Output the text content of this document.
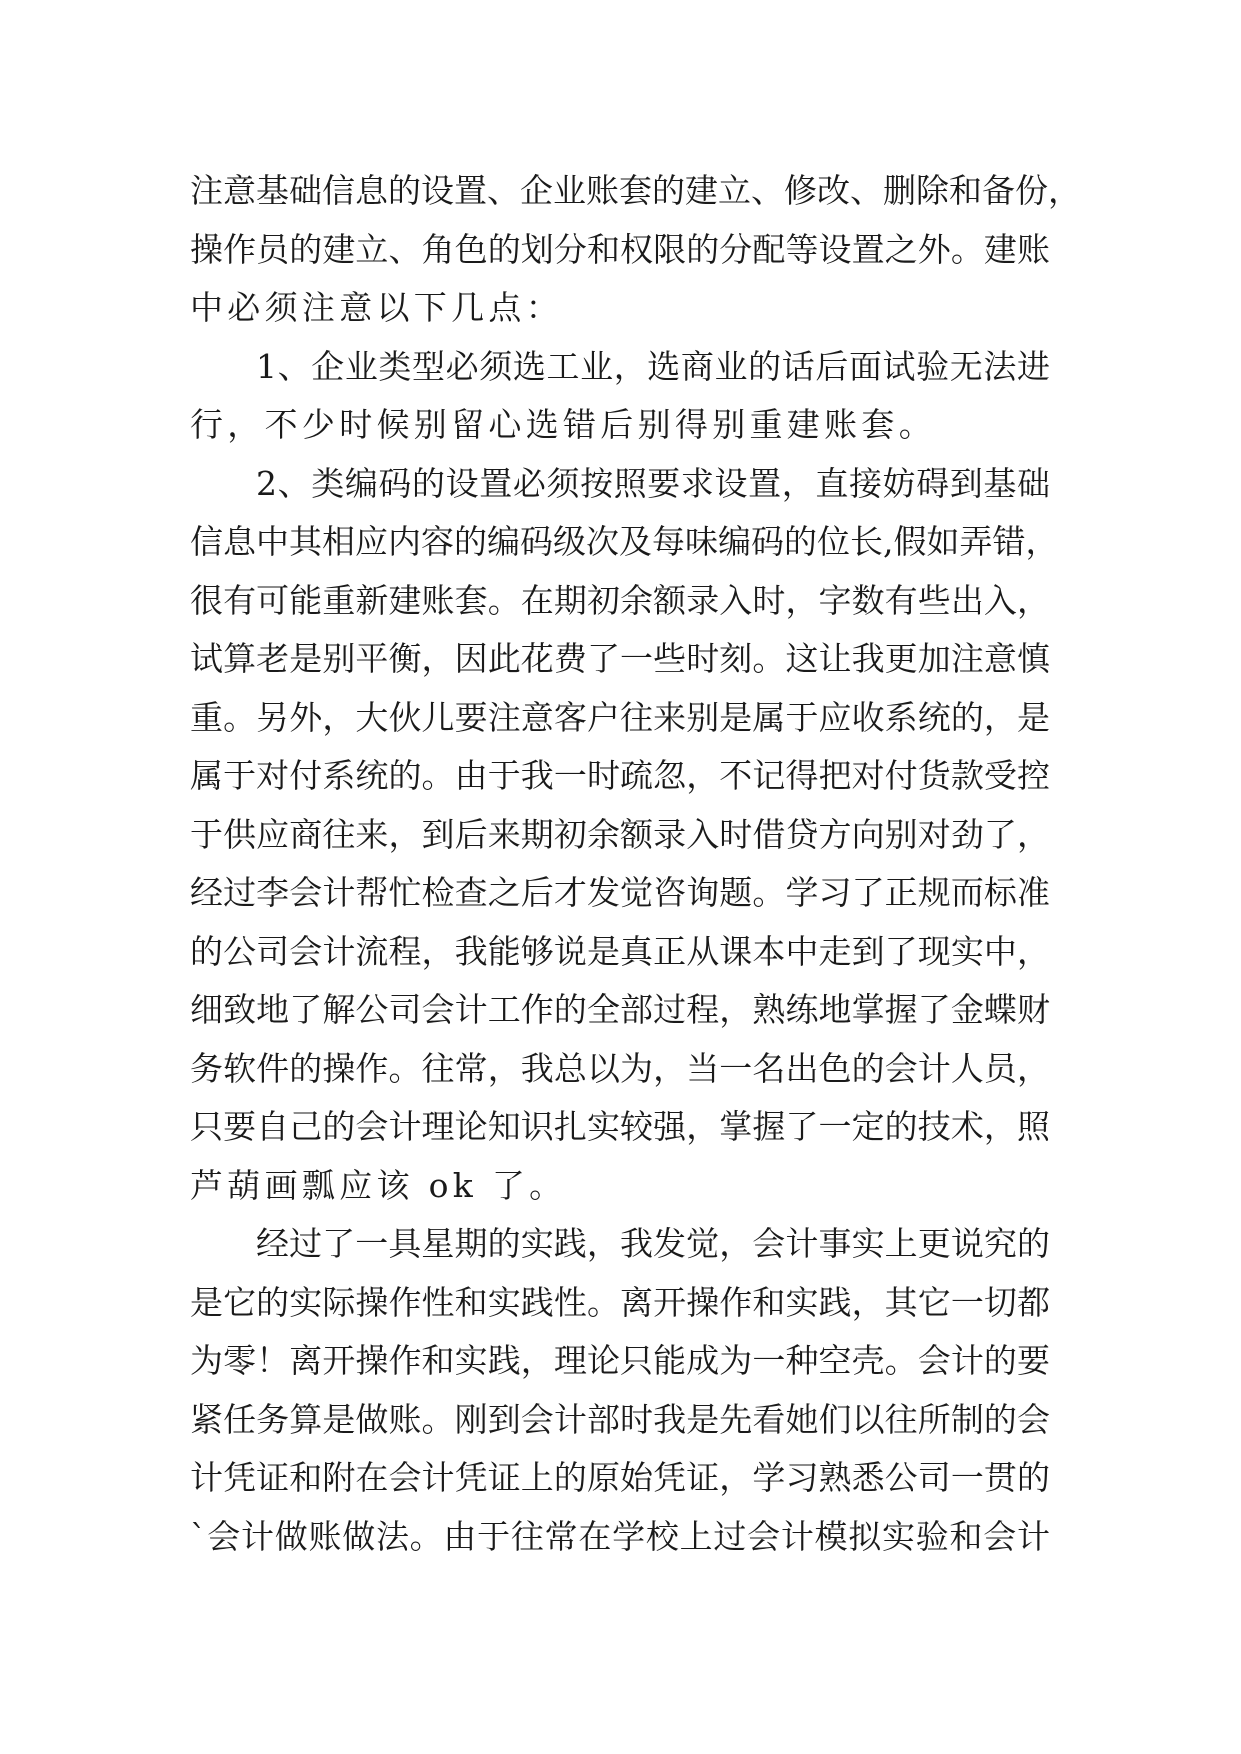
注意基础信息的设置、企业账套的建立、修改、删除和备份，
操作员的建立、角色的划分和权限的分配等设置之外。建账
中必须注意以下几点：
1、企业类型必须选工业，选商业的话后面试验无法进
行，不少时候别留心选错后别得别重建账套。
2、类编码的设置必须按照要求设置，直接妨碍到基础
信息中其相应内容的编码级次及每味编码的位长,假如弄错，
很有可能重新建账套。在期初余额录入时，字数有些出入，
试算老是别平衡，因此花费了一些时刻。这让我更加注意慎
重。另外，大伙儿要注意客户往来别是属于应收系统的，是
属于对付系统的。由于我一时疏忽，不记得把对付货款受控
于供应商往来，到后来期初余额录入时借贷方向别对劲了，
经过李会计帮忙检查之后才发觉咨询题。学习了正规而标准
的公司会计流程，我能够说是真正从课本中走到了现实中，
细致地了解公司会计工作的全部过程，熟练地掌握了金蝶财
务软件的操作。往常，我总以为，当一名出色的会计人员，
只要自己的会计理论知识扎实较强，掌握了一定的技术，照
芦葫画瓢应该 ok 了。
经过了一具星期的实践，我发觉，会计事实上更说究的
是它的实际操作性和实践性。离开操作和实践，其它一切都
为零！离开操作和实践，理论只能成为一种空壳。会计的要
紧任务算是做账。刚到会计部时我是先看她们以往所制的会
计凭证和附在会计凭证上的原始凭证，学习熟悉公司一贯的
`会计做账做法。由于往常在学校上过会计模拟实验和会计
